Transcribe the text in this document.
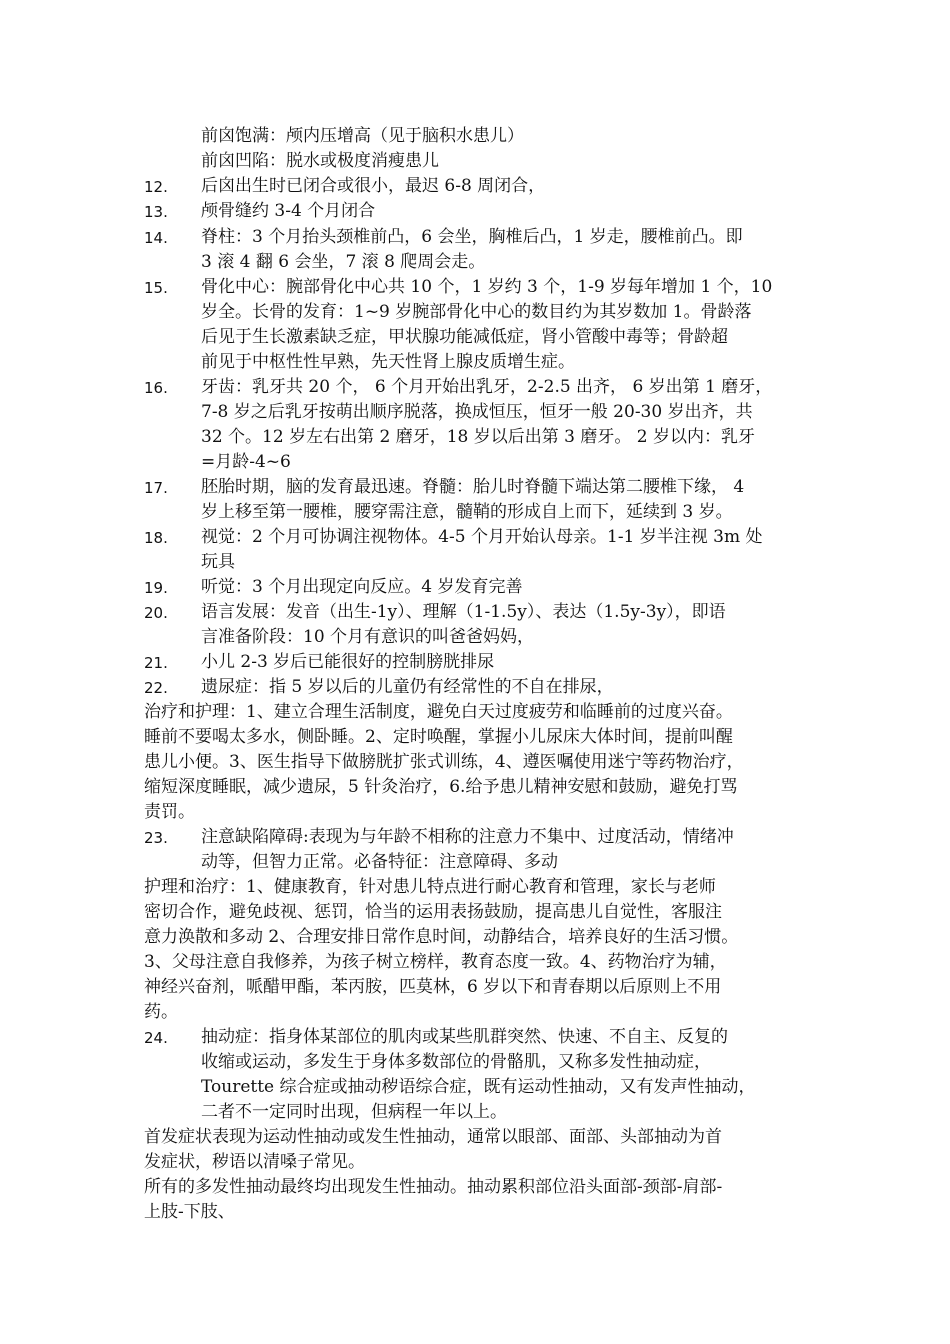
前囟饱满：颅内压增高（见于脑积水患儿）
前囟凹陷：脱水或极度消瘦患儿
12. 后囟出生时已闭合或很小，最迟 6-8 周闭合，
13. 颅骨缝约 3-4 个月闭合
14. 脊柱：3 个月抬头颈椎前凸，6 会坐，胸椎后凸，1 岁走，腰椎前凸。即
3 滚 4 翻 6 会坐，7 滚 8 爬周会走。
15. 骨化中心：腕部骨化中心共 10 个，1 岁约 3 个，1-9 岁每年增加 1 个，10
岁全。长骨的发育：1~9 岁腕部骨化中心的数目约为其岁数加 1。骨龄落
后见于生长激素缺乏症，甲状腺功能减低症，肾小管酸中毒等；骨龄超
前见于中枢性性早熟，先天性肾上腺皮质增生症。
16. 牙齿：乳牙共 20 个， 6 个月开始出乳牙，2-2.5 出齐， 6 岁出第 1 磨牙，
7-8 岁之后乳牙按萌出顺序脱落，换成恒压，恒牙一般 20-30 岁出齐，共
32 个。12 岁左右出第 2 磨牙，18 岁以后出第 3 磨牙。 2 岁以内：乳牙
=月龄-4~6
17. 胚胎时期，脑的发育最迅速。脊髓：胎儿时脊髓下端达第二腰椎下缘， 4
岁上移至第一腰椎，腰穿需注意，髓鞘的形成自上而下，延续到 3 岁。
18. 视觉：2 个月可协调注视物体。4-5 个月开始认母亲。1-1 岁半注视 3m 处
玩具
19. 听觉：3 个月出现定向反应。4 岁发育完善
20. 语言发展：发音（出生-1y）、理解（1-1.5y）、表达（1.5y-3y），即语
言准备阶段：10 个月有意识的叫爸爸妈妈，
21. 小儿 2-3 岁后已能很好的控制膀胱排尿
22. 遗尿症：指 5 岁以后的儿童仍有经常性的不自在排尿，
治疗和护理：1、建立合理生活制度，避免白天过度疲劳和临睡前的过度兴奋。
睡前不要喝太多水，侧卧睡。2、定时唤醒，掌握小儿尿床大体时间，提前叫醒
患儿小便。3、医生指导下做膀胱扩张式训练，4、遵医嘱使用迷宁等药物治疗，
缩短深度睡眠，减少遗尿，5 针灸治疗，6.给予患儿精神安慰和鼓励，避免打骂
责罚。
23. 注意缺陷障碍:表现为与年龄不相称的注意力不集中、过度活动，情绪冲
动等，但智力正常。必备特征：注意障碍、多动
护理和治疗：1、健康教育，针对患儿特点进行耐心教育和管理，家长与老师
密切合作，避免歧视、惩罚，恰当的运用表扬鼓励，提高患儿自觉性，客服注
意力涣散和多动 2、合理安排日常作息时间，动静结合，培养良好的生活习惯。
3、父母注意自我修养，为孩子树立榜样，教育态度一致。4、药物治疗为辅，
神经兴奋剂，哌醋甲酯，苯丙胺，匹莫林，6 岁以下和青春期以后原则上不用
药。
24. 抽动症：指身体某部位的肌肉或某些肌群突然、快速、不自主、反复的
收缩或运动，多发生于身体多数部位的骨骼肌，又称多发性抽动症，
Tourette 综合症或抽动秽语综合症，既有运动性抽动，又有发声性抽动，
二者不一定同时出现，但病程一年以上。
首发症状表现为运动性抽动或发生性抽动，通常以眼部、面部、头部抽动为首
发症状，秽语以清嗓子常见。
所有的多发性抽动最终均出现发生性抽动。抽动累积部位沿头面部-颈部-肩部-
上肢-下肢、
